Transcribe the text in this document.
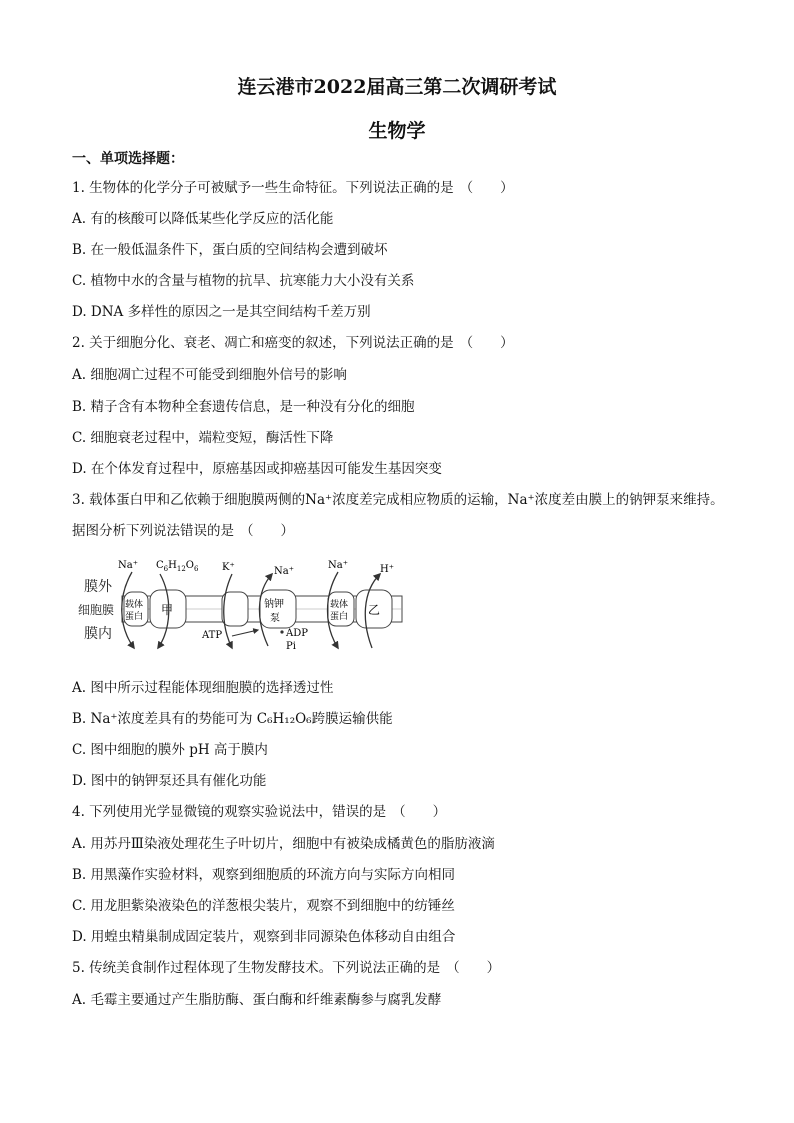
连云港市2022届高三第二次调研考试
生物学
一、单项选择题：
1. 生物体的化学分子可被赋予一些生命特征。下列说法正确的是 （　　）
A. 有的核酸可以降低某些化学反应的活化能
B. 在一般低温条件下，蛋白质的空间结构会遭到破坏
C. 植物中水的含量与植物的抗旱、抗寒能力大小没有关系
D. DNA 多样性的原因之一是其空间结构千差万别
2. 关于细胞分化、衰老、凋亡和癌变的叙述，下列说法正确的是 （　　）
A. 细胞凋亡过程不可能受到细胞外信号的影响
B. 精子含有本物种全套遗传信息，是一种没有分化的细胞
C. 细胞衰老过程中，端粒变短，酶活性下降
D. 在个体发育过程中，原癌基因或抑癌基因可能发生基因突变
3. 载体蛋白甲和乙依赖于细胞膜两侧的Na⁺浓度差完成相应物质的运输，Na⁺浓度差由膜上的钠钾泵来维持。
据图分析下列说法错误的是 （　　）
膜外
细胞膜
膜内
载体
蛋白 甲	钠钾
泵
载体
蛋白 乙
Na⁺ $C_6H_{12}O_6$ K⁺	Na⁺
Na⁺	H⁺
ATP	ADP
Pi
A. 图中所示过程能体现细胞膜的选择透过性
B. Na⁺浓度差具有的势能可为 C₆H₁₂O₆跨膜运输供能
C. 图中细胞的膜外 pH 高于膜内
D. 图中的钠钾泵还具有催化功能
4. 下列使用光学显微镜的观察实验说法中，错误的是 （　　）
A. 用苏丹Ⅲ染液处理花生子叶切片，细胞中有被染成橘黄色的脂肪液滴
B. 用黑藻作实验材料，观察到细胞质的环流方向与实际方向相同
C. 用龙胆紫染液染色的洋葱根尖装片，观察不到细胞中的纺锤丝
D. 用蝗虫精巢制成固定装片，观察到非同源染色体移动自由组合
5. 传统美食制作过程体现了生物发酵技术。下列说法正确的是 （　　）
A. 毛霉主要通过产生脂肪酶、蛋白酶和纤维素酶参与腐乳发酵
